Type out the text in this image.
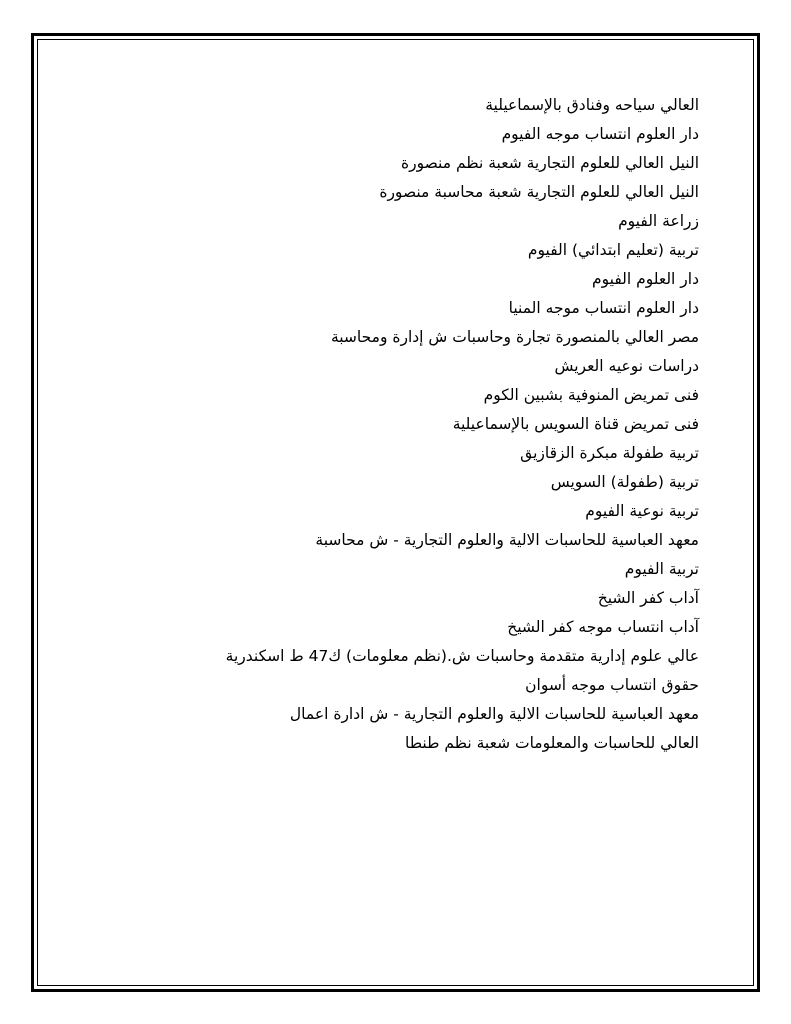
العالي سياحه وفنادق بالإسماعيلية
دار العلوم انتساب موجه الفيوم
النيل العالي للعلوم التجارية شعبة نظم منصورة
النيل العالي للعلوم التجارية شعبة محاسبة منصورة
زراعة الفيوم
تربية (تعليم ابتدائي) الفيوم
دار العلوم الفيوم
دار العلوم انتساب موجه المنيا
مصر العالي بالمنصورة تجارة وحاسبات ش إدارة ومحاسبة
دراسات نوعيه العريش
فنى تمريض المنوفية بشبين الكوم
فنى تمريض قناة السويس بالإسماعيلية
تربية طفولة مبكرة الزقازيق
تربية (طفولة) السويس
تربية نوعية الفيوم
معهد العباسية للحاسبات الالية والعلوم التجارية - ش محاسبة
تربية الفيوم
آداب كفر الشيخ
آداب انتساب موجه كفر الشيخ
عالي علوم إدارية متقدمة وحاسبات ش.(نظم معلومات) ك47 ط اسكندرية
حقوق انتساب موجه أسوان
معهد العباسية للحاسبات الالية والعلوم التجارية - ش ادارة اعمال
العالي للحاسبات والمعلومات شعبة نظم طنطا
